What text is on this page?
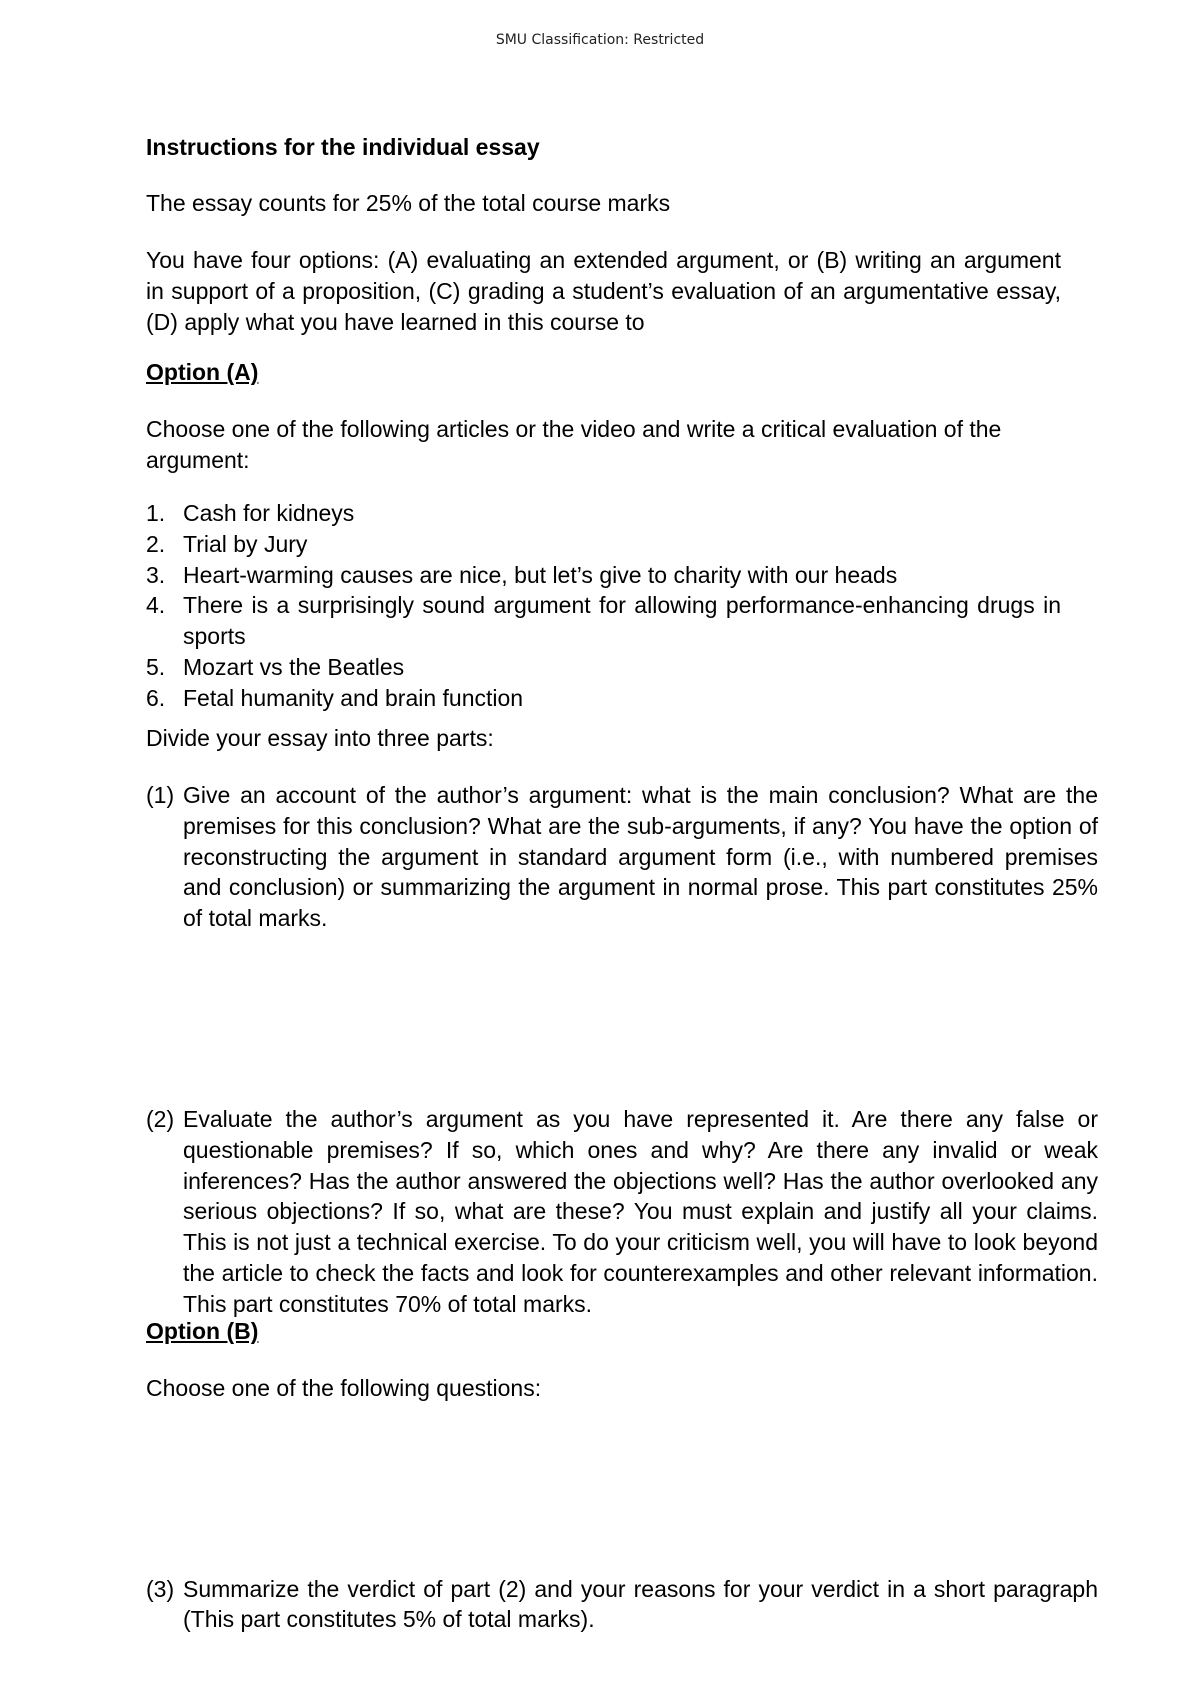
SMU Classification: Restricted

Instructions for the individual essay

The essay counts for 25% of the total course marks

You have four options: (A) evaluating an extended argument, or (B) writing an argument in support of a proposition, (C) grading a student’s evaluation of an argumentative essay, (D) apply what you have learned in this course to

Option (A)

Choose one of the following articles or the video and write a critical evaluation of the argument:

1. Cash for kidneys
2. Trial by Jury
3. Heart-warming causes are nice, but let’s give to charity with our heads
4. There is a surprisingly sound argument for allowing performance-enhancing drugs in sports
5. Mozart vs the Beatles
6. Fetal humanity and brain function

Divide your essay into three parts:

(1) Give an account of the author’s argument: what is the main conclusion? What are the premises for this conclusion? What are the sub-arguments, if any? You have the option of reconstructing the argument in standard argument form (i.e., with numbered premises and conclusion) or summarizing the argument in normal prose. This part constitutes 25% of total marks.
(2) Evaluate the author’s argument as you have represented it. Are there any false or questionable premises? If so, which ones and why? Are there any invalid or weak inferences? Has the author answered the objections well? Has the author overlooked any serious objections? If so, what are these? You must explain and justify all your claims. This is not just a technical exercise. To do your criticism well, you will have to look beyond the article to check the facts and look for counterexamples and other relevant information. This part constitutes 70% of total marks.
(3) Summarize the verdict of part (2) and your reasons for your verdict in a short paragraph (This part constitutes 5% of total marks).

Option (B)

Choose one of the following questions:
